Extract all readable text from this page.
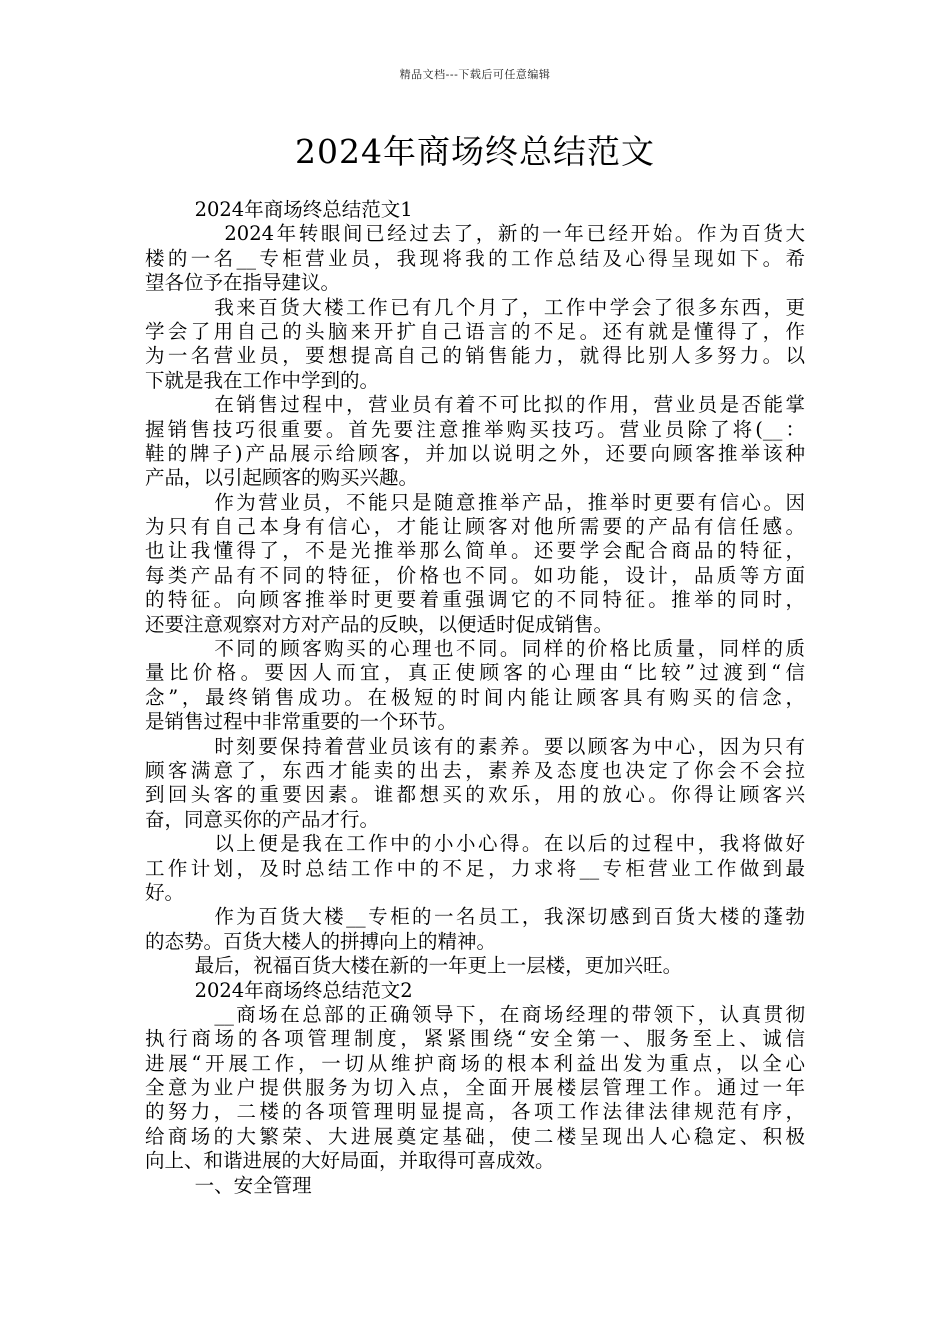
精品文档---下载后可任意编辑
2024年商场终总结范文
2024年商场终总结范文1
2024年转眼间已经过去了，新的一年已经开始。作为百货大
楼的一名__专柜营业员，我现将我的工作总结及心得呈现如下。希
望各位予在指导建议。
我来百货大楼工作已有几个月了，工作中学会了很多东西，更
学会了用自己的头脑来开扩自己语言的不足。还有就是懂得了，作
为一名营业员，要想提高自己的销售能力，就得比别人多努力。以
下就是我在工作中学到的。
在销售过程中，营业员有着不可比拟的作用，营业员是否能掌
握销售技巧很重要。首先要注意推举购买技巧。营业员除了将(__：
鞋的牌子)产品展示给顾客，并加以说明之外，还要向顾客推举该种
产品，以引起顾客的购买兴趣。
作为营业员，不能只是随意推举产品，推举时更要有信心。因
为只有自己本身有信心，才能让顾客对他所需要的产品有信任感。
也让我懂得了，不是光推举那么简单。还要学会配合商品的特征，
每类产品有不同的特征，价格也不同。如功能，设计，品质等方面
的特征。向顾客推举时更要着重强调它的不同特征。推举的同时，
还要注意观察对方对产品的反映，以便适时促成销售。
不同的顾客购买的心理也不同。同样的价格比质量，同样的质
量比价格。要因人而宜，真正使顾客的心理由“比较”过渡到“信
念”，最终销售成功。在极短的时间内能让顾客具有购买的信念，
是销售过程中非常重要的一个环节。
时刻要保持着营业员该有的素养。要以顾客为中心，因为只有
顾客满意了，东西才能卖的出去，素养及态度也决定了你会不会拉
到回头客的重要因素。谁都想买的欢乐，用的放心。你得让顾客兴
奋，同意买你的产品才行。
以上便是我在工作中的小小心得。在以后的过程中，我将做好
工作计划，及时总结工作中的不足，力求将__专柜营业工作做到最
好。
作为百货大楼__专柜的一名员工，我深切感到百货大楼的蓬勃
的态势。百货大楼人的拼搏向上的精神。
最后，祝福百货大楼在新的一年更上一层楼，更加兴旺。
2024年商场终总结范文2
__商场在总部的正确领导下，在商场经理的带领下，认真贯彻
执行商场的各项管理制度，紧紧围绕“安全第一、服务至上、诚信
进展“开展工作，一切从维护商场的根本利益出发为重点，以全心
全意为业户提供服务为切入点，全面开展楼层管理工作。通过一年
的努力，二楼的各项管理明显提高，各项工作法律法律规范有序，
给商场的大繁荣、大进展奠定基础，使二楼呈现出人心稳定、积极
向上、和谐进展的大好局面，并取得可喜成效。
一、安全管理
